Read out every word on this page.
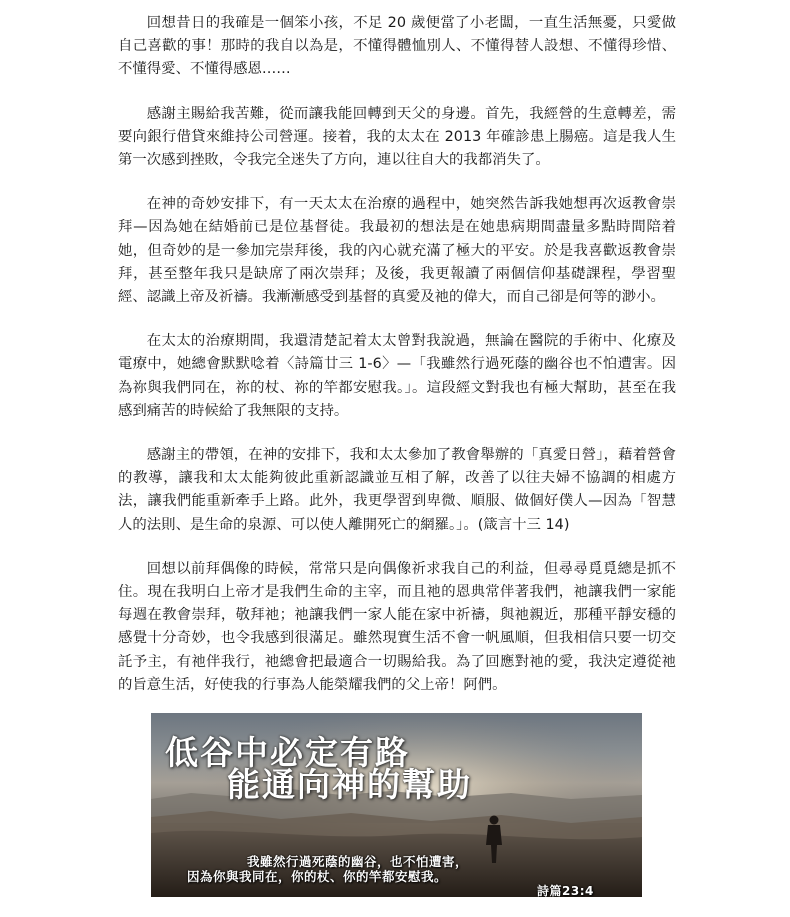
回想昔日的我確是一個笨小孩，不足 20 歲便當了小老闆，一直生活無憂，只愛做自己喜歡的事！那時的我自以為是，不懂得體恤別人、不懂得替人設想、不懂得珍惜、不懂得愛、不懂得感恩……

感謝主賜給我苦難，從而讓我能回轉到天父的身邊。首先，我經營的生意轉差，需要向銀行借貸來維持公司營運。接着，我的太太在 2013 年確診患上腸癌。這是我人生第一次感到挫敗，令我完全迷失了方向，連以往自大的我都消失了。

在神的奇妙安排下，有一天太太在治療的過程中，她突然告訴我她想再次返教會崇拜—因為她在結婚前已是位基督徒。我最初的想法是在她患病期間盡量多點時間陪着她，但奇妙的是一參加完崇拜後，我的內心就充滿了極大的平安。於是我喜歡返教會崇拜，甚至整年我只是缺席了兩次崇拜；及後，我更報讀了兩個信仰基礎課程，學習聖經、認識上帝及祈禱。我漸漸感受到基督的真愛及祂的偉大，而自己卻是何等的渺小。

在太太的治療期間，我還清楚記着太太曾對我說過，無論在醫院的手術中、化療及電療中，她總會默默唸着〈詩篇廿三 1-6〉—「我雖然行過死蔭的幽谷也不怕遭害。因為祢與我們同在，祢的杖、祢的竿都安慰我。」。這段經文對我也有極大幫助，甚至在我感到痛苦的時候給了我無限的支持。

感謝主的帶領，在神的安排下，我和太太參加了教會舉辦的「真愛日營」，藉着營會的教導，讓我和太太能夠彼此重新認識並互相了解，改善了以往夫婦不協調的相處方法，讓我們能重新牽手上路。此外，我更學習到卑微、順服、做個好僕人—因為「智慧人的法則、是生命的泉源、可以使人離開死亡的網羅。」。(箴言十三 14)

回想以前拜偶像的時候，常常只是向偶像祈求我自己的利益，但尋尋覓覓總是抓不住。現在我明白上帝才是我們生命的主宰，而且祂的恩典常伴著我們，祂讓我們一家能每週在教會崇拜，敬拜祂；祂讓我們一家人能在家中祈禱，與祂親近，那種平靜安穩的感覺十分奇妙，也令我感到很滿足。雖然現實生活不會一帆風順，但我相信只要一切交託予主，有祂伴我行，祂總會把最適合一切賜給我。為了回應對祂的愛，我決定遵從祂的旨意生活，好使我的行事為人能榮耀我們的父上帝！阿們。

低谷中必定有路
能通向神的幫助
我雖然行過死蔭的幽谷，也不怕遭害，
因為你與我同在，你的杖、你的竿都安慰我。
詩篇23:4
